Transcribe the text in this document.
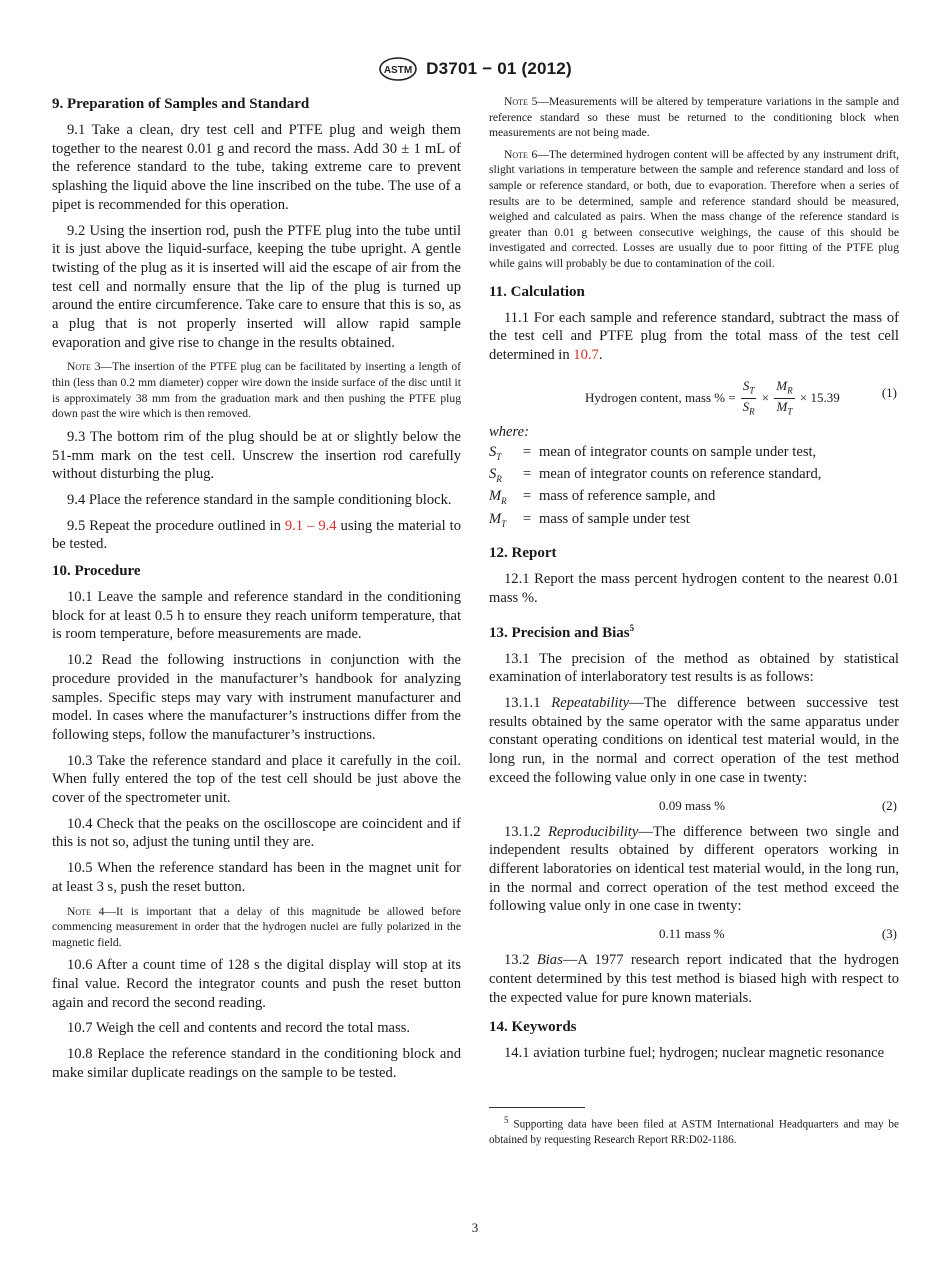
ASTM D3701 − 01 (2012)

9. Preparation of Samples and Standard

9.1 Take a clean, dry test cell and PTFE plug and weigh them together to the nearest 0.01 g and record the mass. Add 30 ± 1 mL of the reference standard to the tube, taking extreme care to prevent splashing the liquid above the line inscribed on the tube. The use of a pipet is recommended for this operation.

9.2 Using the insertion rod, push the PTFE plug into the tube until it is just above the liquid-surface, keeping the tube upright. A gentle twisting of the plug as it is inserted will aid the escape of air from the test cell and normally ensure that the lip of the plug is turned up around the entire circumference. Take care to ensure that this is so, as a plug that is not properly inserted will allow rapid sample evaporation and give rise to change in the results obtained.

Note 3—The insertion of the PTFE plug can be facilitated by inserting a length of thin (less than 0.2 mm diameter) copper wire down the inside surface of the disc until it is approximately 38 mm from the graduation mark and then pushing the PTFE plug down past the wire which is then removed.

9.3 The bottom rim of the plug should be at or slightly below the 51-mm mark on the test cell. Unscrew the insertion rod carefully without disturbing the plug.

9.4 Place the reference standard in the sample conditioning block.

9.5 Repeat the procedure outlined in 9.1 – 9.4 using the material to be tested.

10. Procedure

10.1 Leave the sample and reference standard in the conditioning block for at least 0.5 h to ensure they reach uniform temperature, that is room temperature, before measurements are made.

10.2 Read the following instructions in conjunction with the procedure provided in the manufacturer’s handbook for analyzing samples. Specific steps may vary with instrument manufacturer and model. In cases where the manufacturer’s instructions differ from the following steps, follow the manufacturer’s instructions.

10.3 Take the reference standard and place it carefully in the coil. When fully entered the top of the test cell should be just above the cover of the spectrometer unit.

10.4 Check that the peaks on the oscilloscope are coincident and if this is not so, adjust the tuning until they are.

10.5 When the reference standard has been in the magnet unit for at least 3 s, push the reset button.

Note 4—It is important that a delay of this magnitude be allowed before commencing measurement in order that the hydrogen nuclei are fully polarized in the magnetic field.

10.6 After a count time of 128 s the digital display will stop at its final value. Record the integrator counts and push the reset button again and record the second reading.

10.7 Weigh the cell and contents and record the total mass.

10.8 Replace the reference standard in the conditioning block and make similar duplicate readings on the sample to be tested.

Note 5—Measurements will be altered by temperature variations in the sample and reference standard so these must be returned to the conditioning block when measurements are not being made.

Note 6—The determined hydrogen content will be affected by any instrument drift, slight variations in temperature between the sample and reference standard and loss of sample or reference standard, or both, due to evaporation. Therefore when a series of results are to be determined, sample and reference standard should be measured, weighed and calculated as pairs. When the mass change of the reference standard is greater than 0.01 g between consecutive weighings, the cause of this should be investigated and corrected. Losses are usually due to poor fitting of the PTFE plug while gains will probably be due to contamination of the coil.

11. Calculation

11.1 For each sample and reference standard, subtract the mass of the test cell and PTFE plug from the total mass of the test cell determined in 10.7.

Hydrogen content, mass % = $\frac{S_T}{S_R} \times \frac{M_R}{M_T} \times 15.39$	(1)

where:

$S_T$	= mean of integrator counts on sample under test,
$S_R$	= mean of integrator counts on reference standard,
$M_R$	= mass of reference sample, and
$M_T$	= mass of sample under test

12. Report

12.1 Report the mass percent hydrogen content to the nearest 0.01 mass %.

13. Precision and Bias$^5$

13.1 The precision of the method as obtained by statistical examination of interlaboratory test results is as follows:

13.1.1 Repeatability—The difference between successive test results obtained by the same operator with the same apparatus under constant operating conditions on identical test material would, in the long run, in the normal and correct operation of the test method exceed the following value only in one case in twenty:

0.09 mass %	(2)

13.1.2 Reproducibility—The difference between two single and independent results obtained by different operators working in different laboratories on identical test material would, in the long run, in the normal and correct operation of the test method exceed the following value only in one case in twenty:

0.11 mass %	(3)

13.2 Bias—A 1977 research report indicated that the hydrogen content determined by this test method is biased high with respect to the expected value for pure known materials.

14. Keywords

14.1 aviation turbine fuel; hydrogen; nuclear magnetic resonance

$^5$ Supporting data have been filed at ASTM International Headquarters and may be obtained by requesting Research Report RR:D02-1186.

3
